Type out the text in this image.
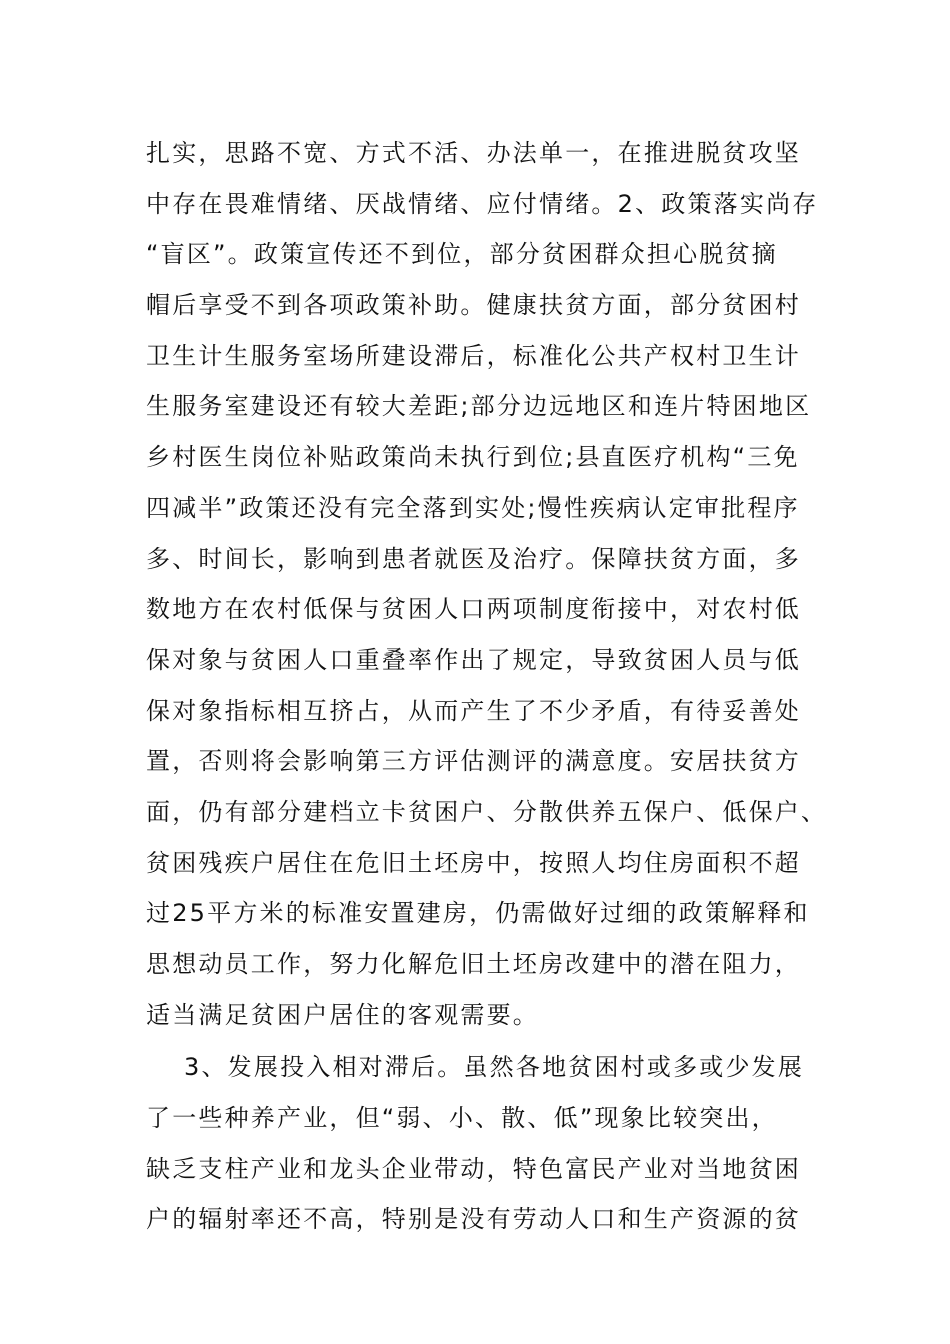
扎实，思路不宽、方式不活、办法单一，在推进脱贫攻坚
中存在畏难情绪、厌战情绪、应付情绪。2、政策落实尚存
“盲区”。政策宣传还不到位，部分贫困群众担心脱贫摘
帽后享受不到各项政策补助。健康扶贫方面，部分贫困村
卫生计生服务室场所建设滞后，标准化公共产权村卫生计
生服务室建设还有较大差距;部分边远地区和连片特困地区
乡村医生岗位补贴政策尚未执行到位;县直医疗机构“三免
四减半”政策还没有完全落到实处;慢性疾病认定审批程序
多、时间长，影响到患者就医及治疗。保障扶贫方面，多
数地方在农村低保与贫困人口两项制度衔接中，对农村低
保对象与贫困人口重叠率作出了规定，导致贫困人员与低
保对象指标相互挤占，从而产生了不少矛盾，有待妥善处
置，否则将会影响第三方评估测评的满意度。安居扶贫方
面，仍有部分建档立卡贫困户、分散供养五保户、低保户、
贫困残疾户居住在危旧土坯房中，按照人均住房面积不超
过25平方米的标准安置建房，仍需做好过细的政策解释和
思想动员工作，努力化解危旧土坯房改建中的潜在阻力，
适当满足贫困户居住的客观需要。
3、发展投入相对滞后。虽然各地贫困村或多或少发展
了一些种养产业，但“弱、小、散、低”现象比较突出，
缺乏支柱产业和龙头企业带动，特色富民产业对当地贫困
户的辐射率还不高，特别是没有劳动人口和生产资源的贫
